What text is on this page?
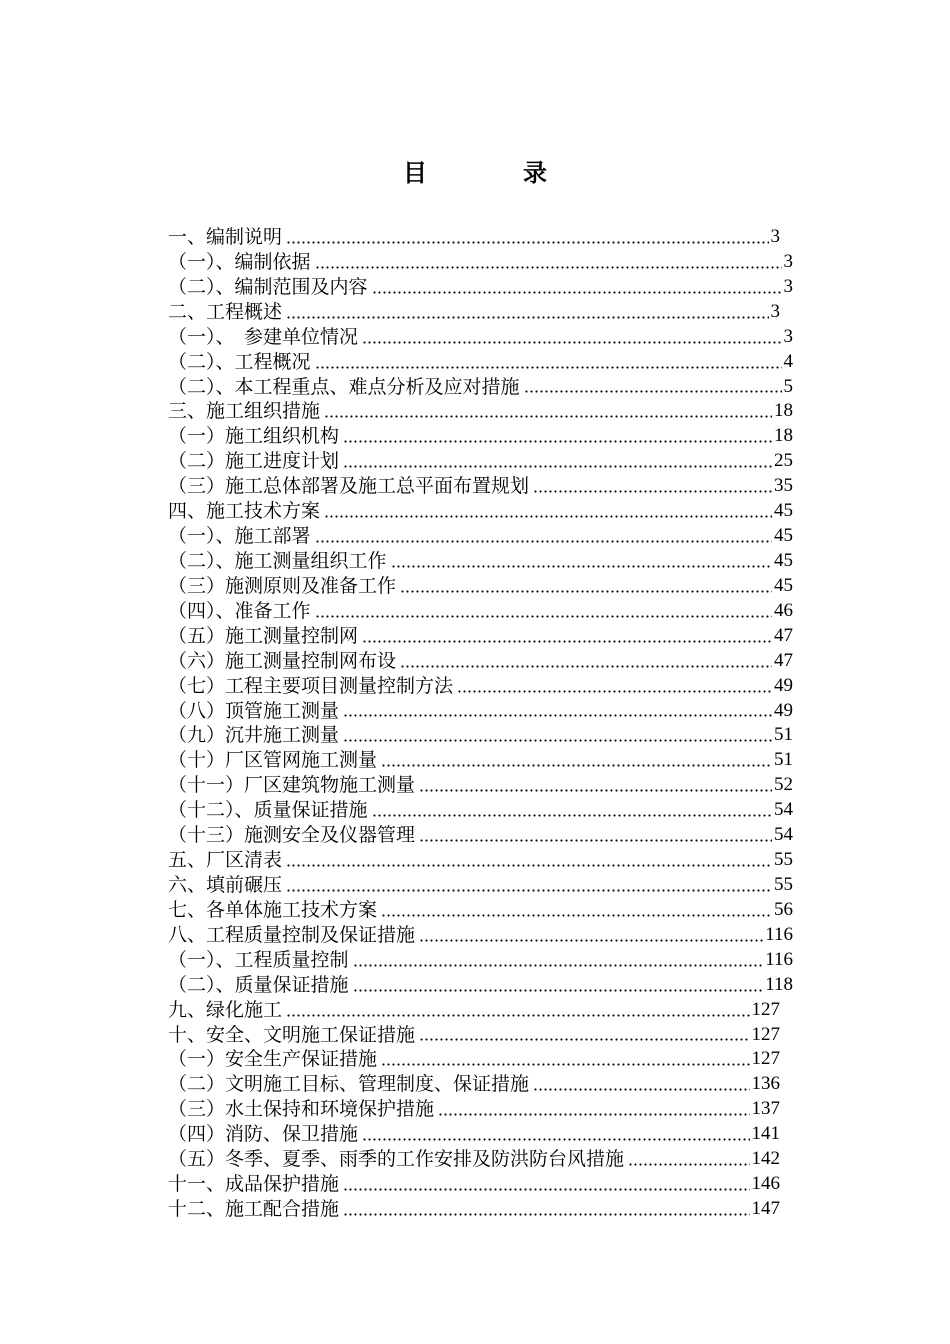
目　录
一、编制说明	3
（一）、编制依据	3
（二）、编制范围及内容	3
二、工程概述	3
（一）、　参建单位情况	3
（二）、工程概况	4
（二）、本工程重点、难点分析及应对措施	5
三、施工组织措施	18
（一）施工组织机构	18
（二）施工进度计划	25
（三）施工总体部署及施工总平面布置规划	35
四、施工技术方案	45
（一）、施工部署	45
（二）、施工测量组织工作	45
（三）施测原则及准备工作	45
（四）、准备工作	46
（五）施工测量控制网	47
（六）施工测量控制网布设	47
（七）工程主要项目测量控制方法	49
（八）顶管施工测量	49
（九）沉井施工测量	51
（十）厂区管网施工测量	51
（十一）厂区建筑物施工测量	52
（十二）、质量保证措施	54
（十三）施测安全及仪器管理	54
五、厂区清表	55
六、填前碾压	55
七、各单体施工技术方案	56
八、工程质量控制及保证措施	116
（一）、工程质量控制	116
（二）、质量保证措施	118
九、绿化施工	127
十、安全、文明施工保证措施	127
（一）安全生产保证措施	127
（二）文明施工目标、管理制度、保证措施	136
（三）水土保持和环境保护措施	137
（四）消防、保卫措施	141
（五）冬季、夏季、雨季的工作安排及防洪防台风措施	142
十一、成品保护措施	146
十二、施工配合措施	147
